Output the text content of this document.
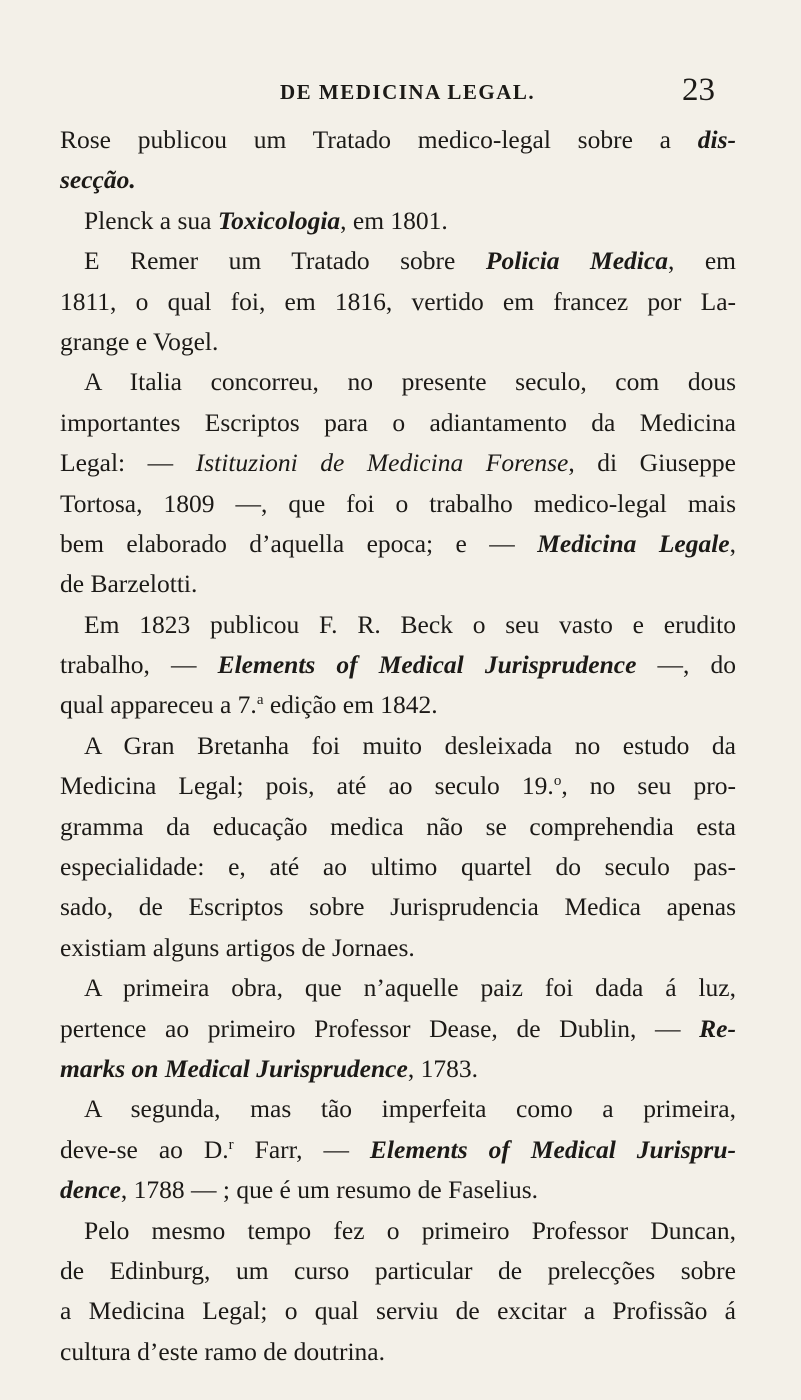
DE MEDICINA LEGAL.	23
Rose publicou um Tratado medico-legal sobre a dis-
secção.
Plenck a sua Toxicologia, em 1801.
E Remer um Tratado sobre Policia Medica, em
1811, o qual foi, em 1816, vertido em francez por La-
grange e Vogel.
A Italia concorreu, no presente seculo, com dous
importantes Escriptos para o adiantamento da Medicina
Legal: — Istituzioni de Medicina Forense, di Giuseppe
Tortosa, 1809 —, que foi o trabalho medico-legal mais
bem elaborado d’aquella epoca; e — Medicina Legale,
de Barzelotti.
Em 1823 publicou F. R. Beck o seu vasto e erudito
trabalho, — Elements of Medical Jurisprudence —, do
qual appareceu a 7.$^a$ edição em 1842.
A Gran Bretanha foi muito desleixada no estudo da
Medicina Legal; pois, até ao seculo 19.$^o$, no seu pro-
gramma da educação medica não se comprehendia esta
especialidade: e, até ao ultimo quartel do seculo pas-
sado, de Escriptos sobre Jurisprudencia Medica apenas
existiam alguns artigos de Jornaes.
A primeira obra, que n’aquelle paiz foi dada á luz,
pertence ao primeiro Professor Dease, de Dublin, — Re-
marks on Medical Jurisprudence, 1783.
A segunda, mas tão imperfeita como a primeira,
deve-se ao D.$^r$ Farr, — Elements of Medical Jurispru-
dence, 1788 — ; que é um resumo de Faselius.
Pelo mesmo tempo fez o primeiro Professor Duncan,
de Edinburg, um curso particular de prelecções sobre
a Medicina Legal; o qual serviu de excitar a Profissão á
cultura d’este ramo de doutrina.
